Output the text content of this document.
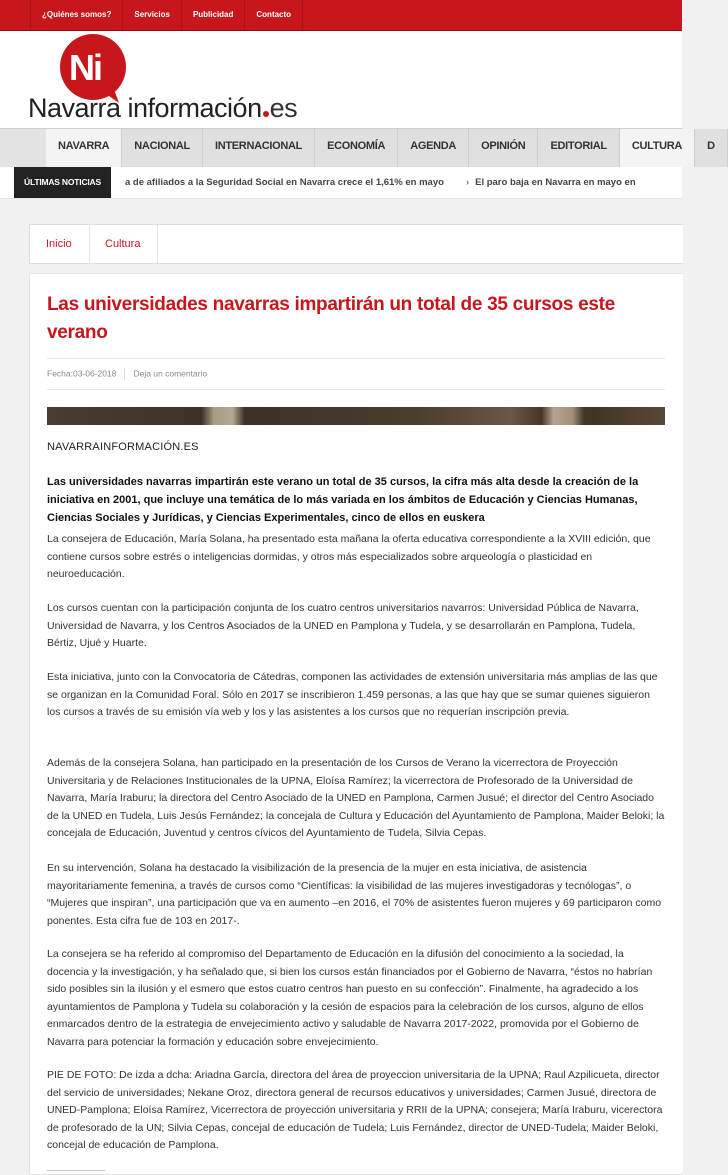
¿Quiénes somos?	Servicios	Publicidad	Contacto
Ni
Navarra información es
NAVARRA	NACIONAL	INTERNACIONAL	ECONOMÍA	AGENDA	OPINIÓN	EDITORIAL	CULTURA	D
ÚLTIMAS NOTICIAS	a de afiliados a la Seguridad Social en Navarra crece el 1,61% en mayo › El paro baja en Navarra en mayo en
Inicio	Cultura
Las universidades navarras impartirán un total de 35 cursos este verano
Fecha:03-06-2018 Deja un comentario
NAVARRAINFORMACIÓN.ES

Las universidades navarras impartirán este verano un total de 35 cursos, la cifra más alta desde la creación de la iniciativa en 2001, que incluye una temática de lo más variada en los ámbitos de Educación y Ciencias Humanas, Ciencias Sociales y Jurídicas, y Ciencias Experimentales, cinco de ellos en euskera

La consejera de Educación, María Solana, ha presentado esta mañana la oferta educativa correspondiente a la XVIII edición, que contiene cursos sobre estrés o inteligencias dormidas, y otros más especializados sobre arqueología o plasticidad en neuroeducación.

Los cursos cuentan con la participación conjunta de los cuatro centros universitarios navarros: Universidad Pública de Navarra, Universidad de Navarra, y los Centros Asociados de la UNED en Pamplona y Tudela, y se desarrollarán en Pamplona, Tudela, Bértiz, Ujué y Huarte.

Esta iniciativa, junto con la Convocatoria de Cátedras, componen las actividades de extensión universitaria más amplias de las que se organizan en la Comunidad Foral. Sólo en 2017 se inscribieron 1.459 personas, a las que hay que se sumar quienes siguieron los cursos a través de su emisión vía web y los y las asistentes a los cursos que no requerían inscripción previa.

Además de la consejera Solana, han participado en la presentación de los Cursos de Verano la vicerrectora de Proyección Universitaria y de Relaciones Institucionales de la UPNA, Eloísa Ramírez; la vicerrectora de Profesorado de la Universidad de Navarra, María Iraburu; la directora del Centro Asociado de la UNED en Pamplona, Carmen Jusué; el director del Centro Asociado de la UNED en Tudela, Luis Jesús Fernández; la concejala de Cultura y Educación del Ayuntamiento de Pamplona, Maider Beloki; la concejala de Educación, Juventud y centros cívicos del Ayuntamiento de Tudela, Silvia Cepas.

En su intervención, Solana ha destacado la visibilización de la presencia de la mujer en esta iniciativa, de asistencia mayoritariamente femenina, a través de cursos como “Científicas: la visibilidad de las mujeres investigadoras y tecnólogas”, o “Mujeres que inspiran”, una participación que va en aumento –en 2016, el 70% de asistentes fueron mujeres y 69 participaron como ponentes. Esta cifra fue de 103 en 2017-.

La consejera se ha referido al compromiso del Departamento de Educación en la difusión del conocimiento a la sociedad, la docencia y la investigación, y ha señalado que, si bien los cursos están financiados por el Gobierno de Navarra, “éstos no habrían sido posibles sin la ilusión y el esmero que estos cuatro centros han puesto en su confección”. Finalmente, ha agradecido a los ayuntamientos de Pamplona y Tudela su colaboración y la cesión de espacios para la celebración de los cursos, alguno de ellos enmarcados dentro de la estrategia de envejecimiento activo y saludable de Navarra 2017-2022, promovida por el Gobierno de Navarra para potenciar la formación y educación sobre envejecimiento.

PIE DE FOTO: De izda a dcha: Ariadna García, directora del área de proyeccion universitaria de la UPNA; Raul Azpilicueta, director del servicio de universidades; Nekane Oroz, directora general de recursos educativos y universidades; Carmen Jusué, directora de UNED-Pamplona; Eloísa Ramírez, Vicerrectora de proyección universitaria y RRII de la UPNA; consejera; María Iraburu, vicerectora de profesorado de la UN; Silvia Cepas, concejal de educación de Tudela; Luis Fernández, director de UNED-Tudela; Maider Beloki, concejal de educación de Pamplona.
